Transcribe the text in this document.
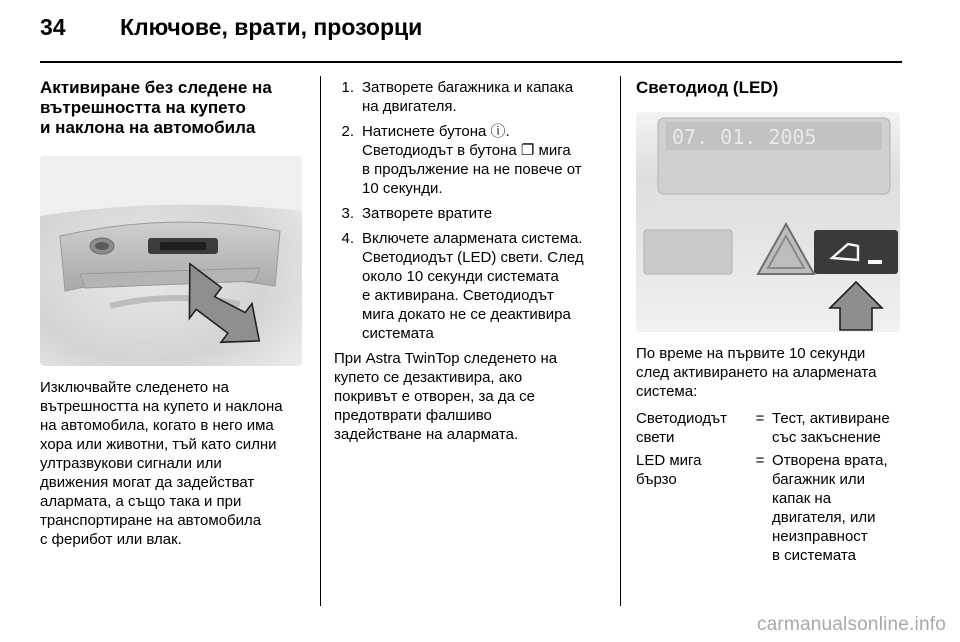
34	Ключове, врати, прозорци
Активиране без следене на
вътрешността на купето
и наклона на автомобила
Изключвайте следенето на
вътрешността на купето и наклона
на автомобила, когато в него има
хора или животни, тъй като силни
ултразвукови сигнали или
движения могат да задействат
алармата, а също така и при
транспортиране на автомобила
с ферибот или влак.
1. Затворете багажника и капака
на двигателя.
2. Натиснете бутона ⓘ.
Светодиодът в бутона ❐ мига
в продължение на не повече от
10 секунди.
3. Затворете вратите
4. Включете алармената система.
Светодиодът (LED) свети. След
около 10 секунди системата
е активирана. Светодиодът
мига докато не се деактивира
системата
При Astra TwinTop следенето на
купето се дезактивира, ако
покривът е отворен, за да се
предотврати фалшиво
задействане на алармата.
Светодиод (LED)
07. 01. 2005
По време на първите 10 секунди
след активирането на алармената
система:
Светодиодът
свети
= Тест, активиране
със закъснение
LED мига
бързо
= Отворена врата,
багажник или
капак на
двигателя, или
неизправност
в системата
carmanualsonline.info
